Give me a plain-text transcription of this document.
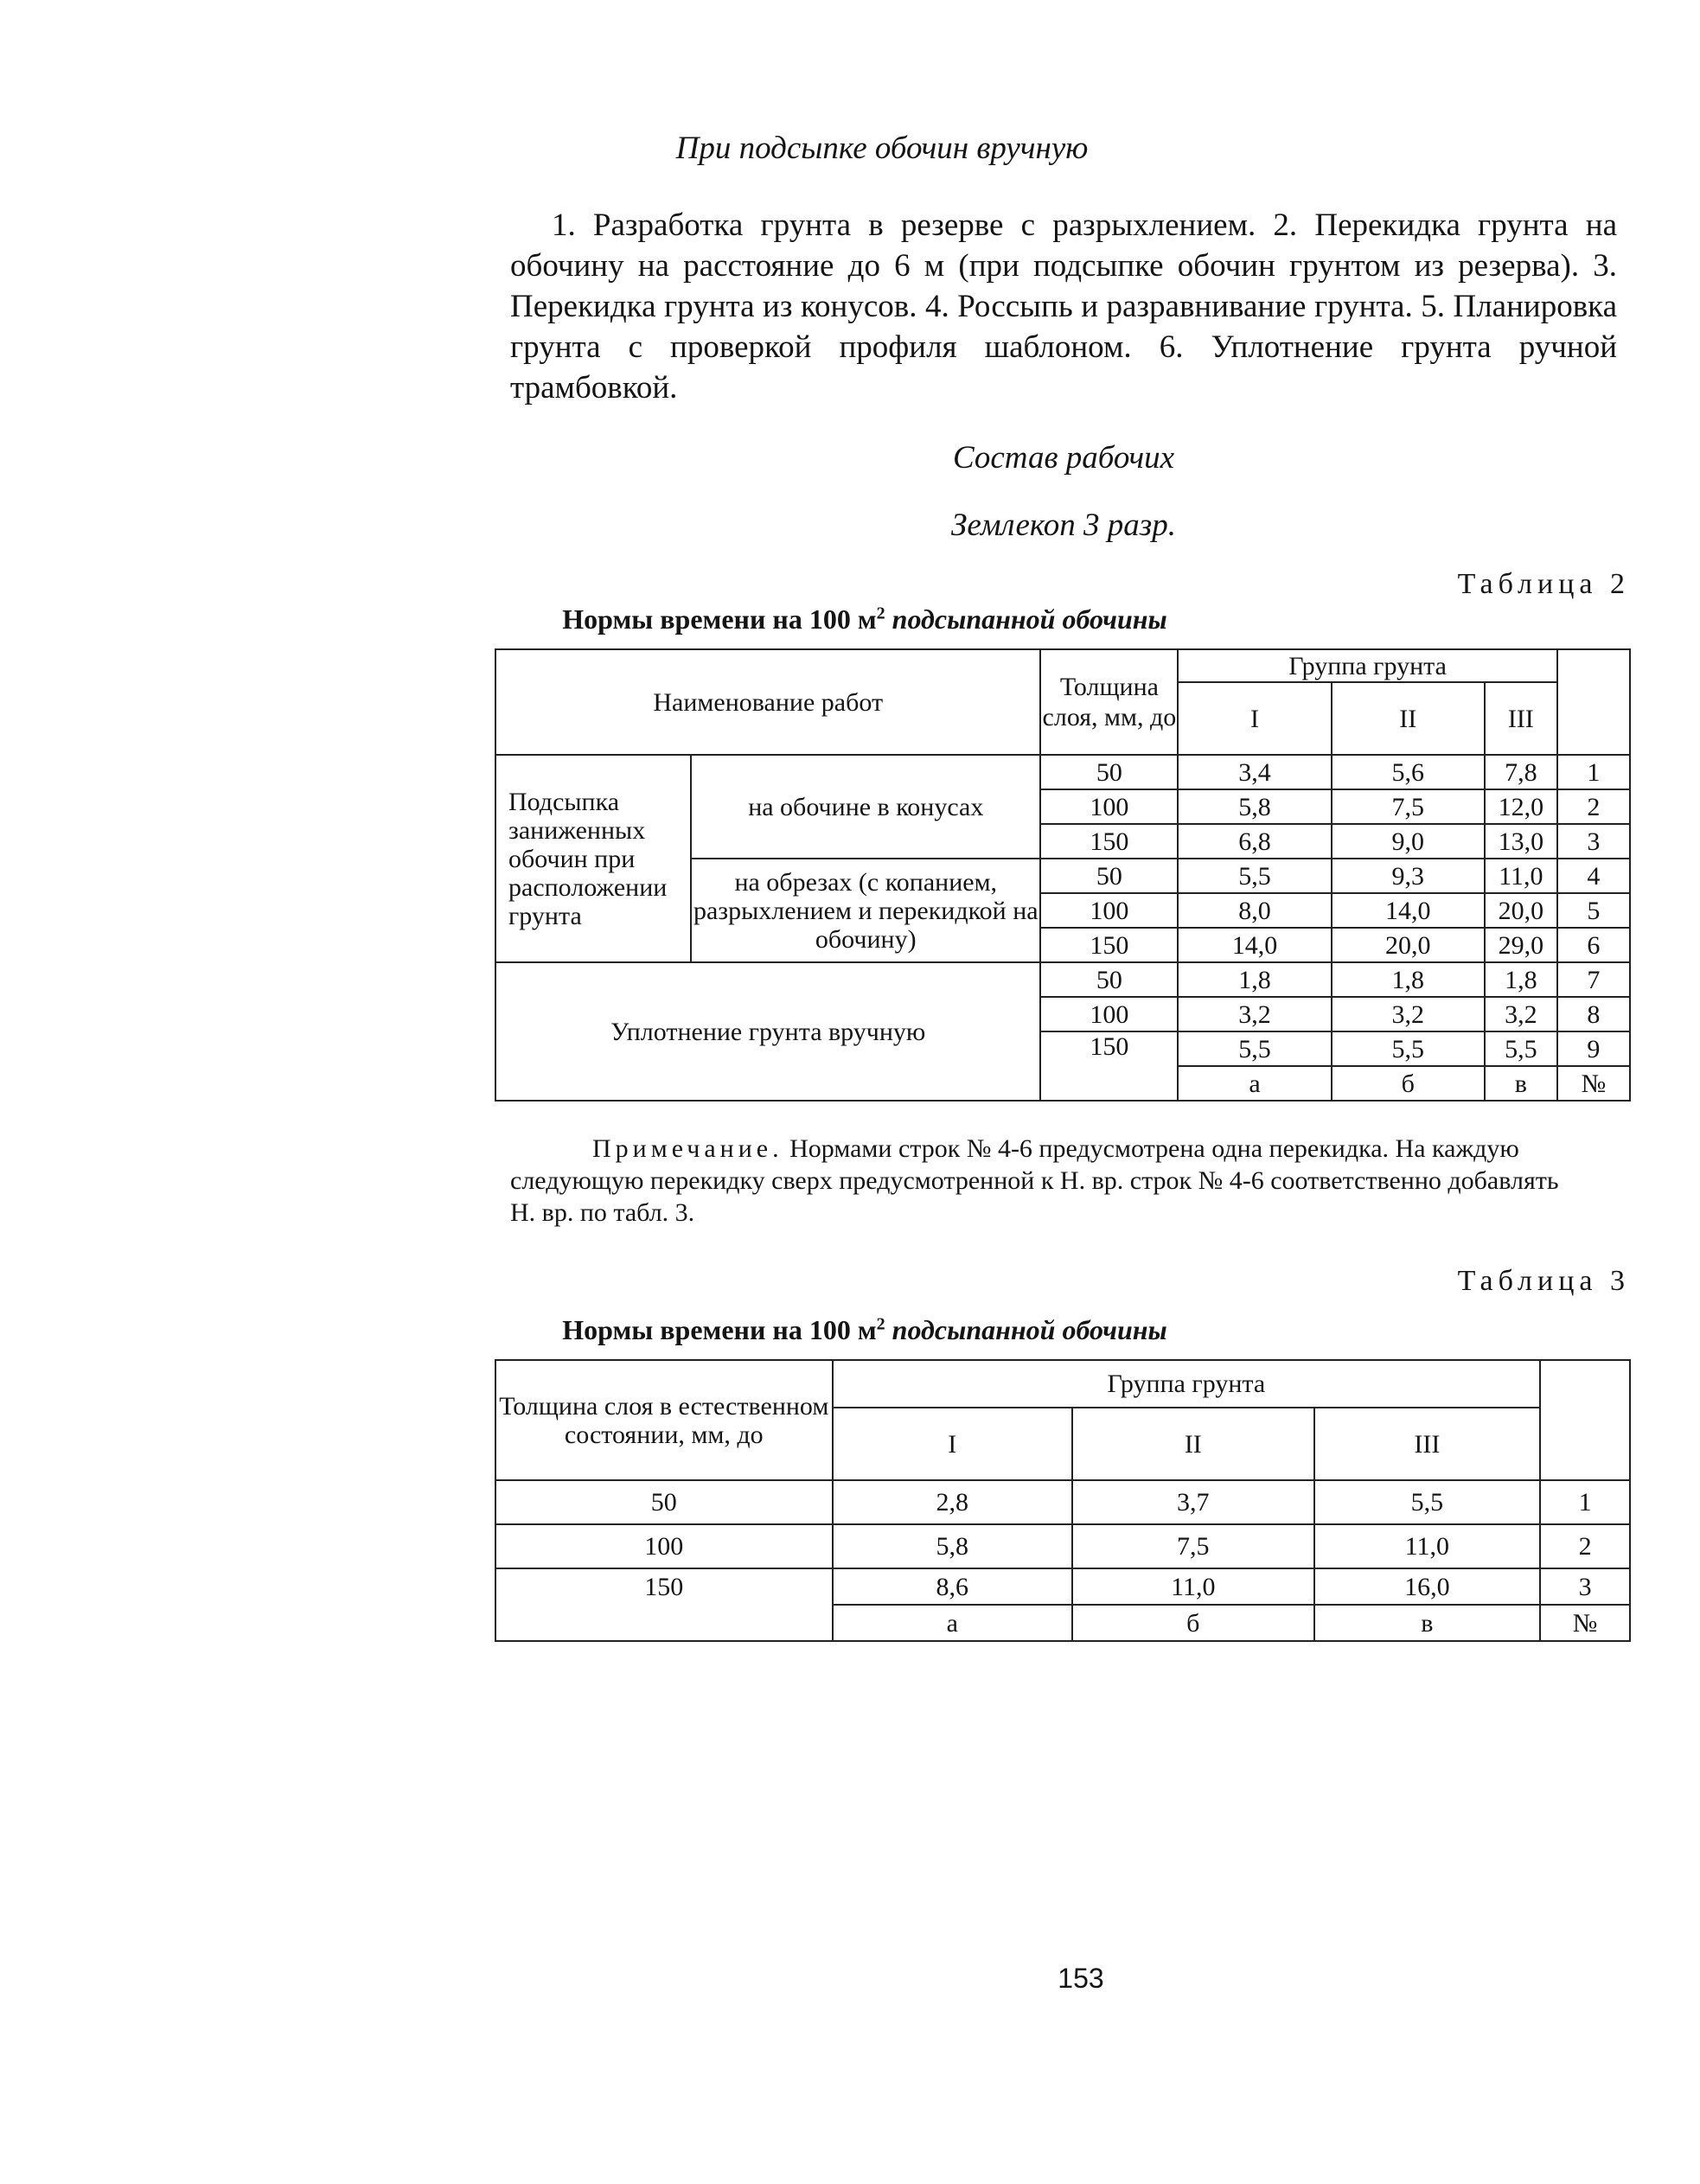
При подсыпке обочин вручную
1. Разработка грунта в резерве с разрыхлением. 2. Перекидка грунта на обочину на расстояние до 6 м (при подсыпке обочин грунтом из резерва). 3. Перекидка грунта из конусов. 4. Россыпь и разравнивание грунта. 5. Планировка грунта с проверкой профиля шаблоном. 6. Уплотнение грунта ручной трамбовкой.
Состав рабочих
Землекоп 3 разр.
Таблица 2
Нормы времени на 100 $м^2$ подсыпанной обочины
Наименование работ		Толщина слоя, мм, до	Группа грунта			
			I	II	III	
Подсыпка заниженных обочин при расположении грунта	на обочине в конусах	50	3,4	5,6	7,8	1
		100	5,8	7,5	12,0	2
		150	6,8	9,0	13,0	3
	на обрезах (с копанием, разрыхлением и перекидкой на обочину)	50	5,5	9,3	11,0	4
		100	8,0	14,0	20,0	5
		150	14,0	20,0	29,0	6
Уплотнение грунта вручную		50	1,8	1,8	1,8	7
		100	3,2	3,2	3,2	8
		150	5,5	5,5	5,5	9
			а	б	в	№
Примечание. Нормами строк № 4-6 предусмотрена одна перекидка. На каждую следующую перекидку сверх предусмотренной к Н. вр. строк № 4-6 соответственно добавлять Н. вр. по табл. 3.
Таблица 3
Нормы времени на 100 $м^2$ подсыпанной обочины
Толщина слоя в естественном состоянии, мм, до	Группа грунта			
	I	II	III	
50	2,8	3,7	5,5	1
100	5,8	7,5	11,0	2
150	8,6	11,0	16,0	3
	а	б	в	№
153
